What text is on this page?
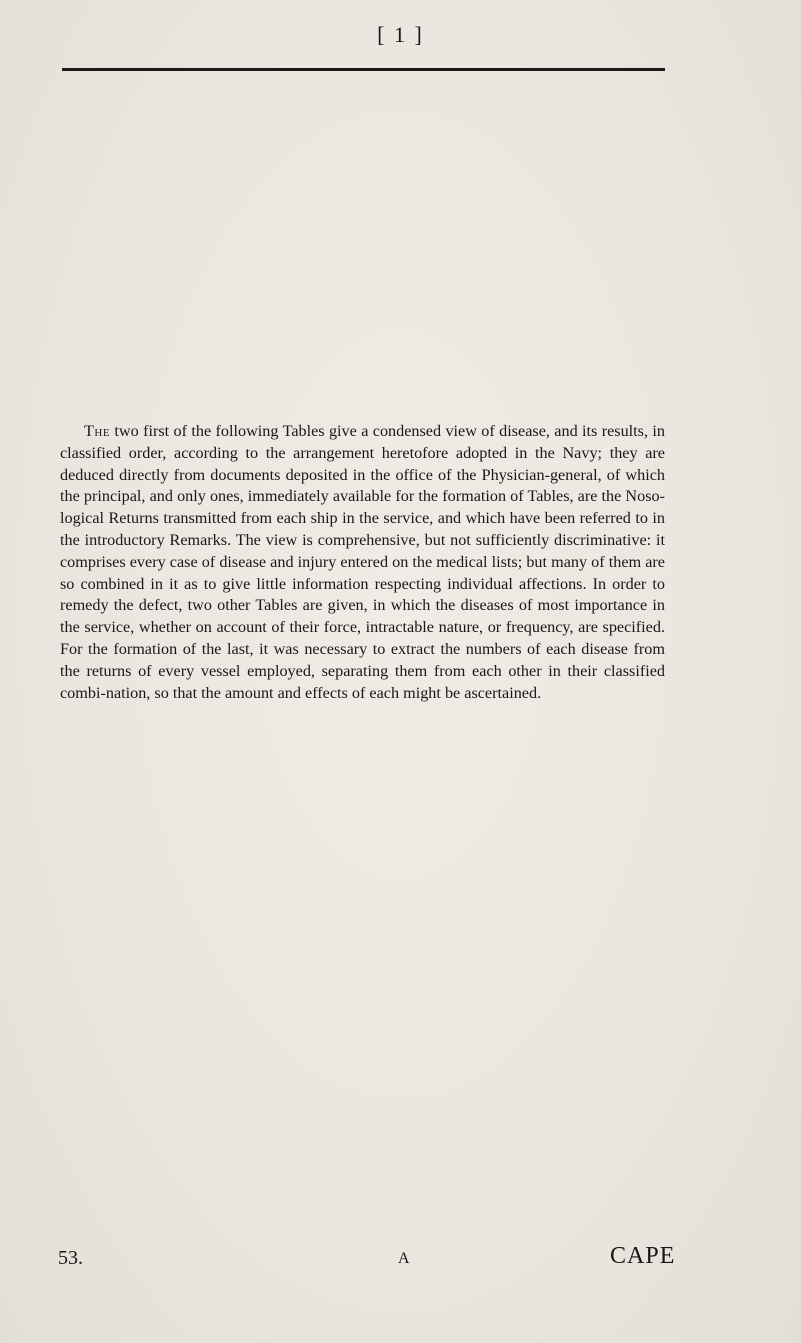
[ 1 ]

The two first of the following Tables give a condensed view of disease, and its results, in classified order, according to the arrangement heretofore adopted in the Navy; they are deduced directly from documents deposited in the office of the Physician-general, of which the principal, and only ones, immediately available for the formation of Tables, are the Noso-logical Returns transmitted from each ship in the service, and which have been referred to in the introductory Remarks. The view is comprehensive, but not sufficiently discriminative: it comprises every case of disease and injury entered on the medical lists; but many of them are so combined in it as to give little information respecting individual affections. In order to remedy the defect, two other Tables are given, in which the diseases of most importance in the service, whether on account of their force, intractable nature, or frequency, are specified. For the formation of the last, it was necessary to extract the numbers of each disease from the returns of every vessel employed, separating them from each other in their classified combi-nation, so that the amount and effects of each might be ascertained.

53.	A	CAPE
